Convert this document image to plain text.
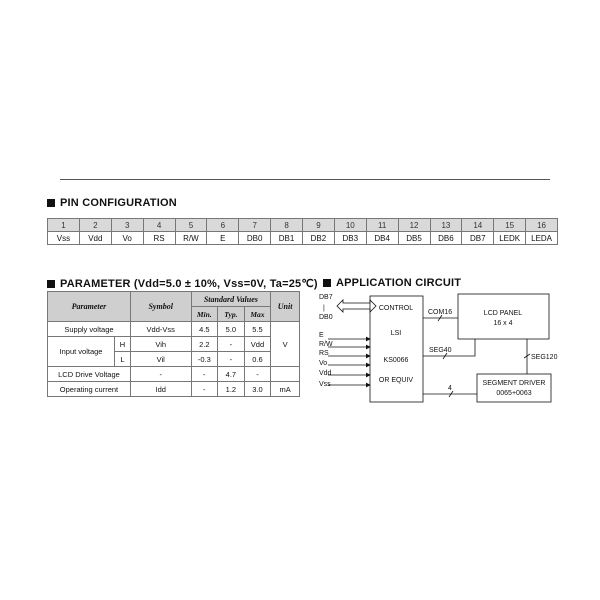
PIN CONFIGURATION
1	2	3	4	5	6	7	8	9	10	11	12	13	14	15	16
Vss	Vdd	Vo	RS	R/W	E	DB0	DB1	DB2	DB3	DB4	DB5	DB6	DB7	LEDK	LEDA
PARAMETER (Vdd=5.0 ± 10%, Vss=0V, Ta=25℃)
Parameter		Symbol	Standard Values			Unit
			Min.	Typ.	Max	
Supply voltage		Vdd-Vss	4.5	5.0	5.5	V
Input voltage	H	Vih	2.2	-	Vdd	
	L	Vil	-0.3	-	0.6	
LCD Drive Voltage		-	-	4.7	-	
Operating current		Idd	-	1.2	3.0	mA
APPLICATION CIRCUIT
DB7
|
DB0
E
R/W
RS
Vo
Vdd
Vss
CONTROL
LSI
KS0066
OR EQUIV
LCD PANEL
16 x 4
SEGMENT DRIVER
0065+0063
COM16
SEG40
SEG120
4
